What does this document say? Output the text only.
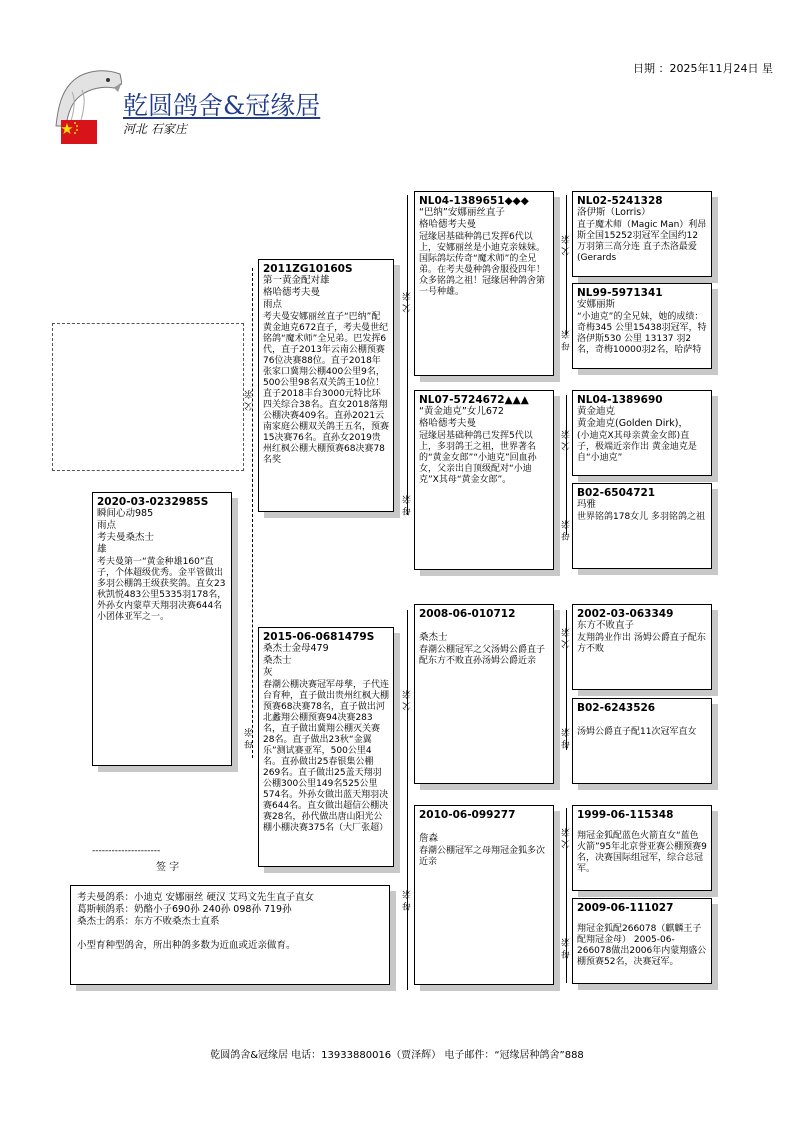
日期 ：2025年11月24日 星
乾圆鸽舍&冠缘居
河北 石家庄
父 亲
母 亲
父 亲
母 亲
父 亲
母 亲
父 亲
母 亲
父 亲
母 亲
父 亲
母 亲
父 亲
母 亲
2020-03-0232985S
瞬间心动985
雨点
考夫曼桑杰士
雄
考夫曼第一“黄金种雄160”直子，个体超级优秀。金平管做出多羽公棚鸽王级获奖鸽。直女23秋凯悦483公里5335羽178名，外孙女内蒙草天翔羽决赛644名小团体亚军之一。
2011ZG10160S
第一黄金配对雄
格哈德考夫曼
雨点
考夫曼安娜丽丝直子“巴纳”配黄金迪克672直子，考夫曼世纪铭鸽“魔术师”全兄弟。巴发挥6代，直子2013年云南公棚预赛76位决赛88位。直子2018年张家口冀翔公棚400公里9名，500公里98名双关鸽王10位！直子2018丰台3000元特比环四关综合38名。直女2018落翔公棚决赛409名。直孙2021云南家庭公棚双关鸽王五名，预赛15决赛76名。直孙女2019贵州红枫公棚大棚预赛68决赛78名奖
2015-06-0681479S
桑杰士金母479
桑杰士
灰
春潮公棚决赛冠军母孳，子代连台育种，直子做出贵州红枫大棚预赛68决赛78名，直子做出河北蠡翔公棚预赛94决赛283名，直子做出冀翔公棚灭关赛28名。直子做出23秋“金翼乐”测试赛亚军，500公里4名。直孙做出25春银集公棚269名。直子做出25盖天翔羽公棚300公里149名525公里574名。外孙女做出蓝天翔羽决赛644名。直女做出超信公棚决赛28名，孙代做出唐山阳光公棚小棚决赛375名（大厂张超）
NL04-1389651◆◆◆
“巴纳”安娜丽丝直子
格哈德考夫曼
冠缘居基础种鸽已发挥6代以上，安娜丽丝是小迪克亲妹妹。国际鸽坛传奇“魔术师”的全兄弟。在考夫曼种鸽舍服役四年！众多铭鸽之祖！冠缘居种鸽舍第一号种雄。
NL07-5724672▲▲▲
“黄金迪克”女儿672
格哈德考夫曼
冠缘居基础种鸽已发挥5代以上，多羽鸽王之祖，世界著名的“黄金女郎”“小迪克”回血孙女，父亲出自顶级配对“小迪克”X其母“黄金女郎”。
2008-06-010712
桑杰士
春潮公棚冠军之父汤姆公爵直子配东方不败直孙汤姆公爵近亲
2010-06-099277
詹森
春潮公棚冠军之母翔冠金狐多次近亲
NL02-5241328
洛伊斯（Lorris）
直子魔术师（Magic Man）利昂斯全国15252羽冠军全国约12万羽第三高分连 直子杰洛最爱(Gerards
NL99-5971341
安娜丽斯
“小迪克”的全兄妹，她的成绩：奇梅345 公里15438羽冠军，特洛伊斯530 公里 13137 羽2名，奇梅10000羽2名，哈萨特
NL04-1389690
黄金迪克
黄金迪克(Golden Dirk)，
(小迪克X其母亲黄金女郎)直子，极端近亲作出 黄金迪克是自“小迪克”
B02-6504721
玛雅
世界铭鸽178女儿 多羽铭鸽之祖
2002-03-063349
东方不败直子
友翔鸽业作出 汤姆公爵直子配东方不败
B02-6243526
汤姆公爵直子配11次冠军直女
1999-06-115348
翔冠金狐配蓝色火箭直女“蓝色火箭”95年北京誉亚赛公棚预赛9名，决赛国际组冠军，综合总冠军。
2009-06-111027
翔冠金狐配266078（麒麟王子配翔冠金母） 2005-06-266078做出2006年内蒙翔盛公棚预赛52名，决赛冠军。
---------------------
签 字
考夫曼鸽系：小迪克 安娜丽丝 硬汉 艾玛文先生直子直女
葛斯顿鸽系：奶酪小子690孙 240孙 098孙 719孙
桑杰士鸽系：东方不败桑杰士直系
小型育种型鸽舍，所出种鸽多数为近血或近亲做育。
乾圆鸽舍&冠缘居 电话：13933880016（贾泽辉） 电子邮件：“冠缘居种鸽舍”888
